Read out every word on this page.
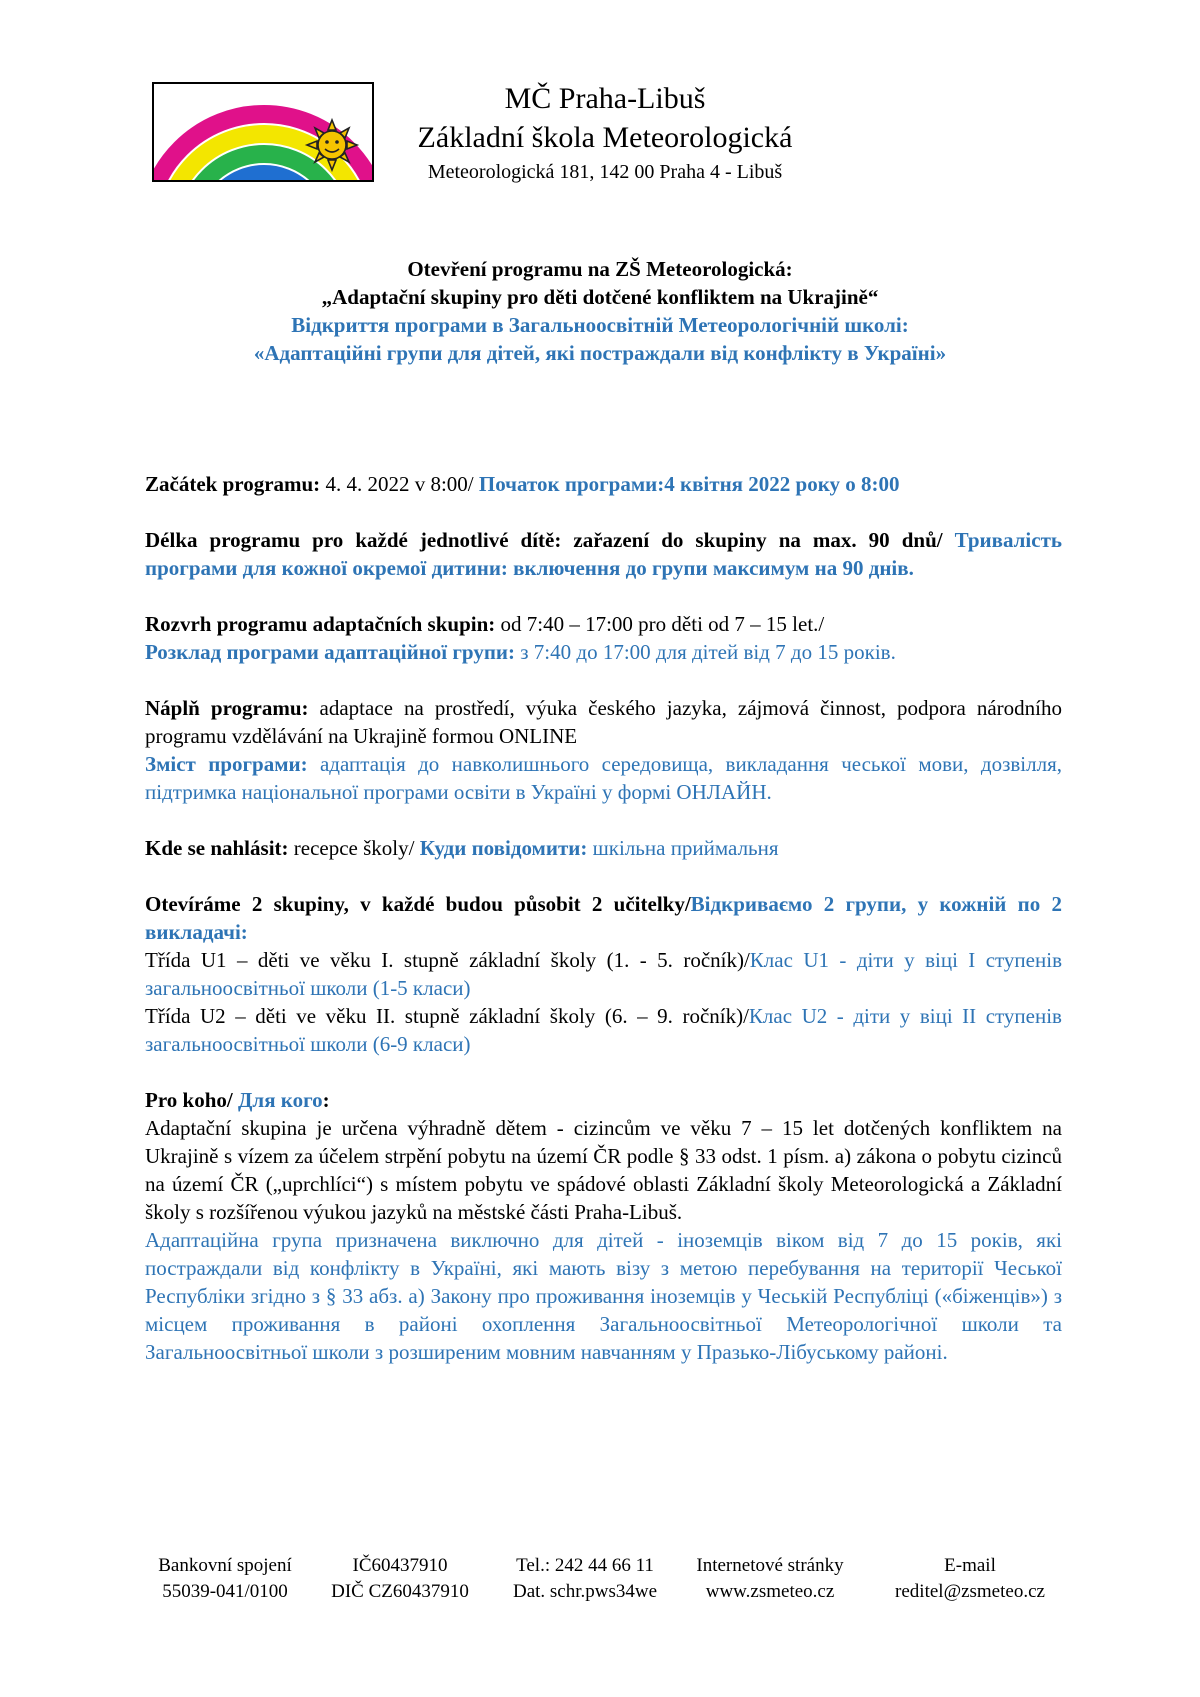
MČ Praha-Libuš
Základní škola Meteorologická
Meteorologická 181, 142 00 Praha 4 - Libuš
Otevření programu na ZŠ Meteorologická:
„Adaptační skupiny pro děti dotčené konfliktem na Ukrajině“
Відкриття програми в Загальноосвітній Метеорологічній школі:
«Адаптаційні групи для дітей, які постраждали від конфлікту в Україні»

Začátek programu: 4. 4. 2022 v 8:00/ Початок програми:4 квітня 2022 року о 8:00

Délka programu pro každé jednotlivé dítě: zařazení do skupiny na max. 90 dnů/ Тривалість програми для кожної окремої дитини: включення до групи максимум на 90 днів.

Rozvrh programu adaptačních skupin: od 7:40 – 17:00 pro děti od 7 – 15 let./

Розклад програми адаптаційної групи: з 7:40 до 17:00 для дітей від 7 до 15 років.

Náplň programu: adaptace na prostředí, výuka českého jazyka, zájmová činnost, podpora národního programu vzdělávání na Ukrajině formou ONLINE

Зміст програми: адаптація до навколишнього середовища, викладання чеської мови, дозвілля, підтримка національної програми освіти в Україні у формі ОНЛАЙН.

Kde se nahlásit: recepce školy/ Куди повідомити: шкільна приймальня

Otevíráme 2 skupiny, v každé budou působit 2 učitelky/Відкриваємо 2 групи, у кожній по 2 викладачі:

Třída U1 – děti ve věku I. stupně základní školy (1. - 5. ročník)/Клас U1 - діти у віці I ступенів загальноосвітньої школи (1-5 класи)

Třída U2 – děti ve věku II. stupně základní školy (6. – 9. ročník)/Клас U2 - діти у віці II ступенів загальноосвітньої школи (6-9 класи)

Pro koho/ Для кого:

Adaptační skupina je určena výhradně dětem - cizincům ve věku 7 – 15 let dotčených konfliktem na Ukrajině s vízem za účelem strpění pobytu na území ČR podle § 33 odst. 1 písm. a) zákona o pobytu cizinců na území ČR („uprchlíci“) s místem pobytu ve spádové oblasti Základní školy Meteorologická a Základní školy s rozšířenou výukou jazyků na městské části Praha-Libuš.

Адаптаційна група призначена виключно для дітей - іноземців віком від 7 до 15 років, які постраждали від конфлікту в Україні, які мають візу з метою перебування на території Чеської Республіки згідно з § 33 абз. а) Закону про проживання іноземців у Чеській Республіці («біженців») з місцем проживання в районі охоплення Загальноосвітньої Метеорологічної школи та Загальноосвітньої школи з розширеним мовним навчанням у Празько-Лібуському районі.

Bankovní spojení
55039-041/0100
IČ60437910
DIČ CZ60437910
Tel.: 242 44 66 11
Dat. schr.pws34we
Internetové stránky
www.zsmeteo.cz
E-mail
reditel@zsmeteo.cz
